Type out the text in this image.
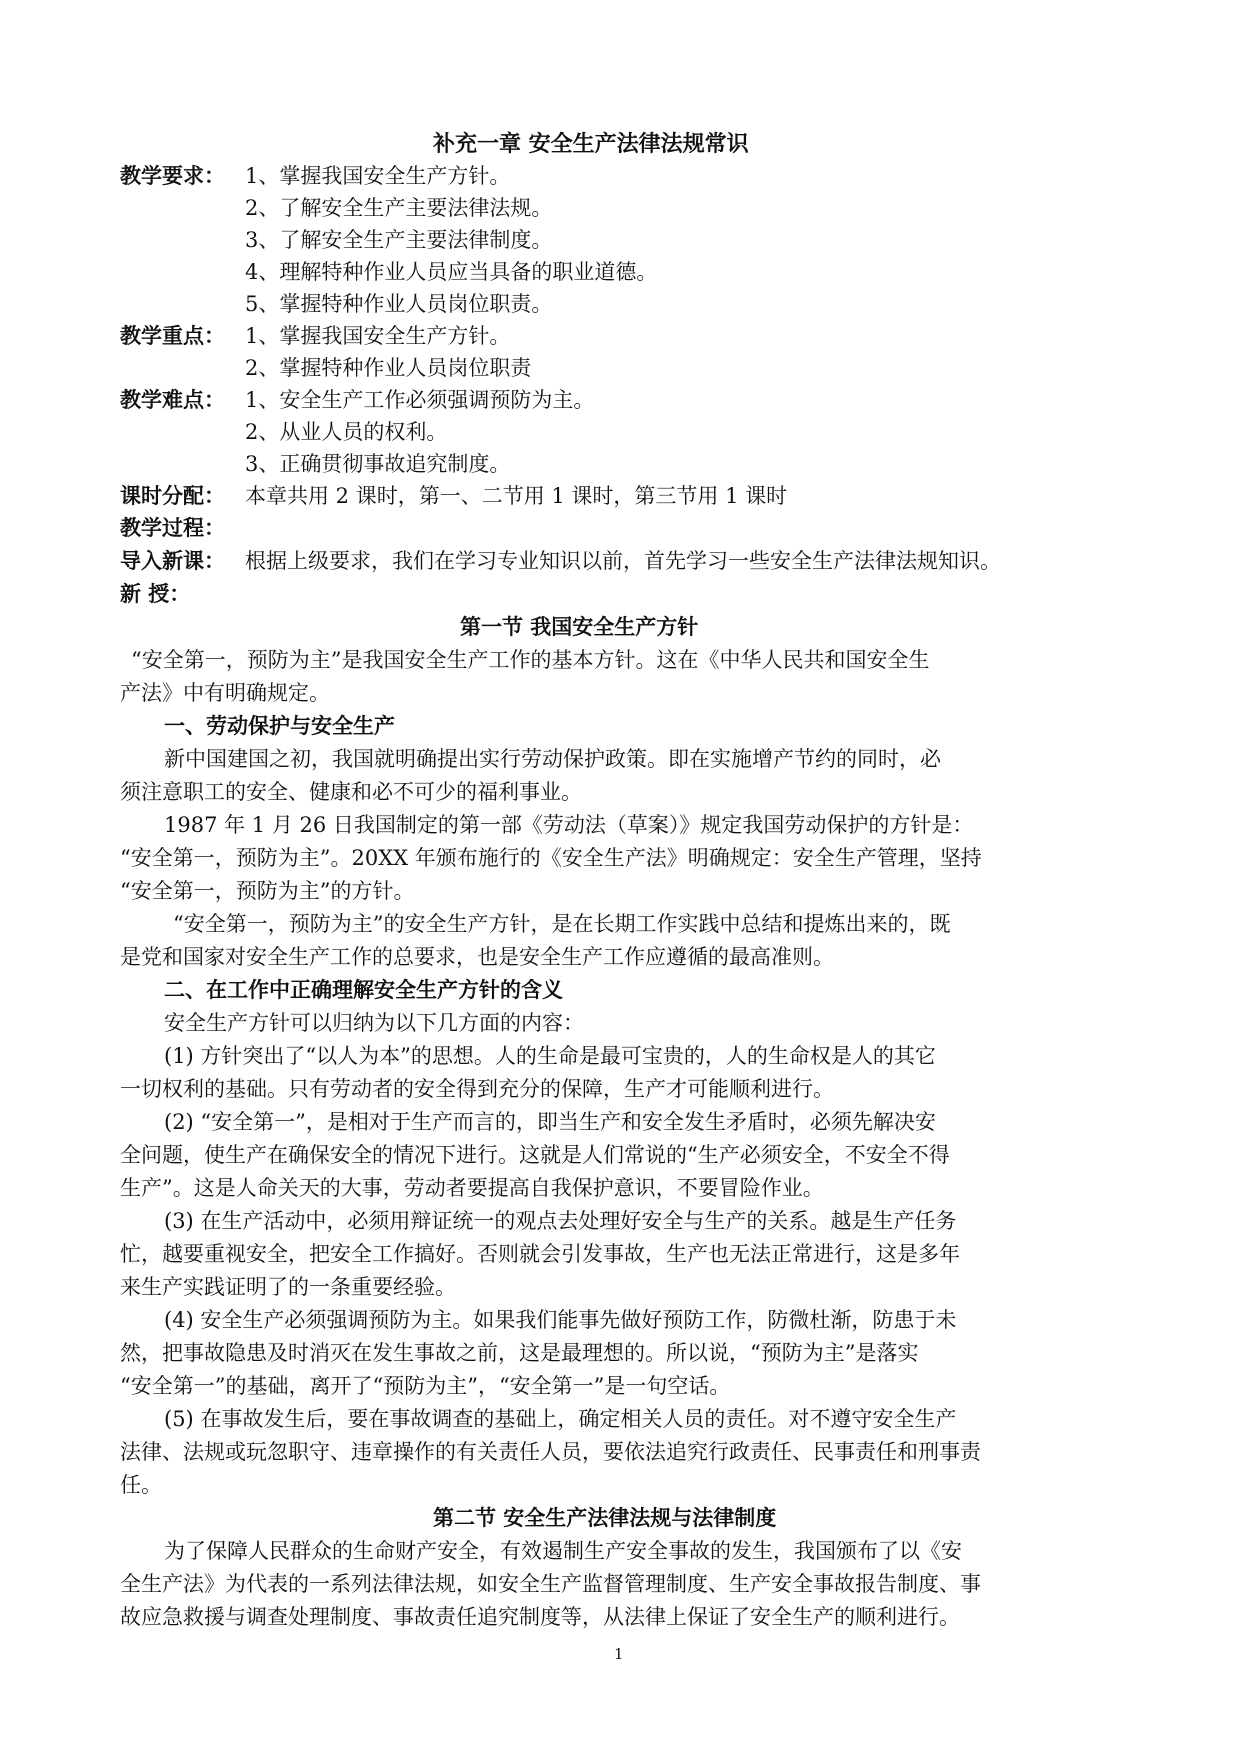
补充一章 安全生产法律法规常识
教学要求： 1、掌握我国安全生产方针。
2、了解安全生产主要法律法规。
3、了解安全生产主要法律制度。
4、理解特种作业人员应当具备的职业道德。
5、掌握特种作业人员岗位职责。
教学重点： 1、掌握我国安全生产方针。
2、掌握特种作业人员岗位职责
教学难点： 1、安全生产工作必须强调预防为主。
2、从业人员的权利。
3、正确贯彻事故追究制度。
课时分配： 本章共用 2 课时，第一、二节用 1 课时，第三节用 1 课时
教学过程：
导入新课： 根据上级要求，我们在学习专业知识以前，首先学习一些安全生产法律法规知识。
新 授：
第一节 我国安全生产方针
“安全第一，预防为主”是我国安全生产工作的基本方针。这在《中华人民共和国安全生
产法》中有明确规定。
一、劳动保护与安全生产
新中国建国之初，我国就明确提出实行劳动保护政策。即在实施增产节约的同时，必
须注意职工的安全、健康和必不可少的福利事业。
1987 年 1 月 26 日我国制定的第一部《劳动法（草案）》规定我国劳动保护的方针是：
“安全第一，预防为主”。20XX 年颁布施行的《安全生产法》明确规定：安全生产管理，坚持
“安全第一，预防为主”的方针。
“安全第一，预防为主”的安全生产方针，是在长期工作实践中总结和提炼出来的，既
是党和国家对安全生产工作的总要求，也是安全生产工作应遵循的最高准则。
二、在工作中正确理解安全生产方针的含义
安全生产方针可以归纳为以下几方面的内容：
(1) 方针突出了“以人为本”的思想。人的生命是最可宝贵的，人的生命权是人的其它
一切权利的基础。只有劳动者的安全得到充分的保障，生产才可能顺利进行。
(2) “安全第一”，是相对于生产而言的，即当生产和安全发生矛盾时，必须先解决安
全问题，使生产在确保安全的情况下进行。这就是人们常说的“生产必须安全，不安全不得
生产”。这是人命关天的大事，劳动者要提高自我保护意识，不要冒险作业。
(3) 在生产活动中，必须用辩证统一的观点去处理好安全与生产的关系。越是生产任务
忙，越要重视安全，把安全工作搞好。否则就会引发事故，生产也无法正常进行，这是多年
来生产实践证明了的一条重要经验。
(4) 安全生产必须强调预防为主。如果我们能事先做好预防工作，防微杜渐，防患于未
然，把事故隐患及时消灭在发生事故之前，这是最理想的。所以说，“预防为主”是落实
“安全第一”的基础，离开了“预防为主”，“安全第一”是一句空话。
(5) 在事故发生后，要在事故调查的基础上，确定相关人员的责任。对不遵守安全生产
法律、法规或玩忽职守、违章操作的有关责任人员，要依法追究行政责任、民事责任和刑事责
任。
第二节 安全生产法律法规与法律制度
为了保障人民群众的生命财产安全，有效遏制生产安全事故的发生，我国颁布了以《安
全生产法》为代表的一系列法律法规，如安全生产监督管理制度、生产安全事故报告制度、事
故应急救援与调查处理制度、事故责任追究制度等，从法律上保证了安全生产的顺利进行。
1
